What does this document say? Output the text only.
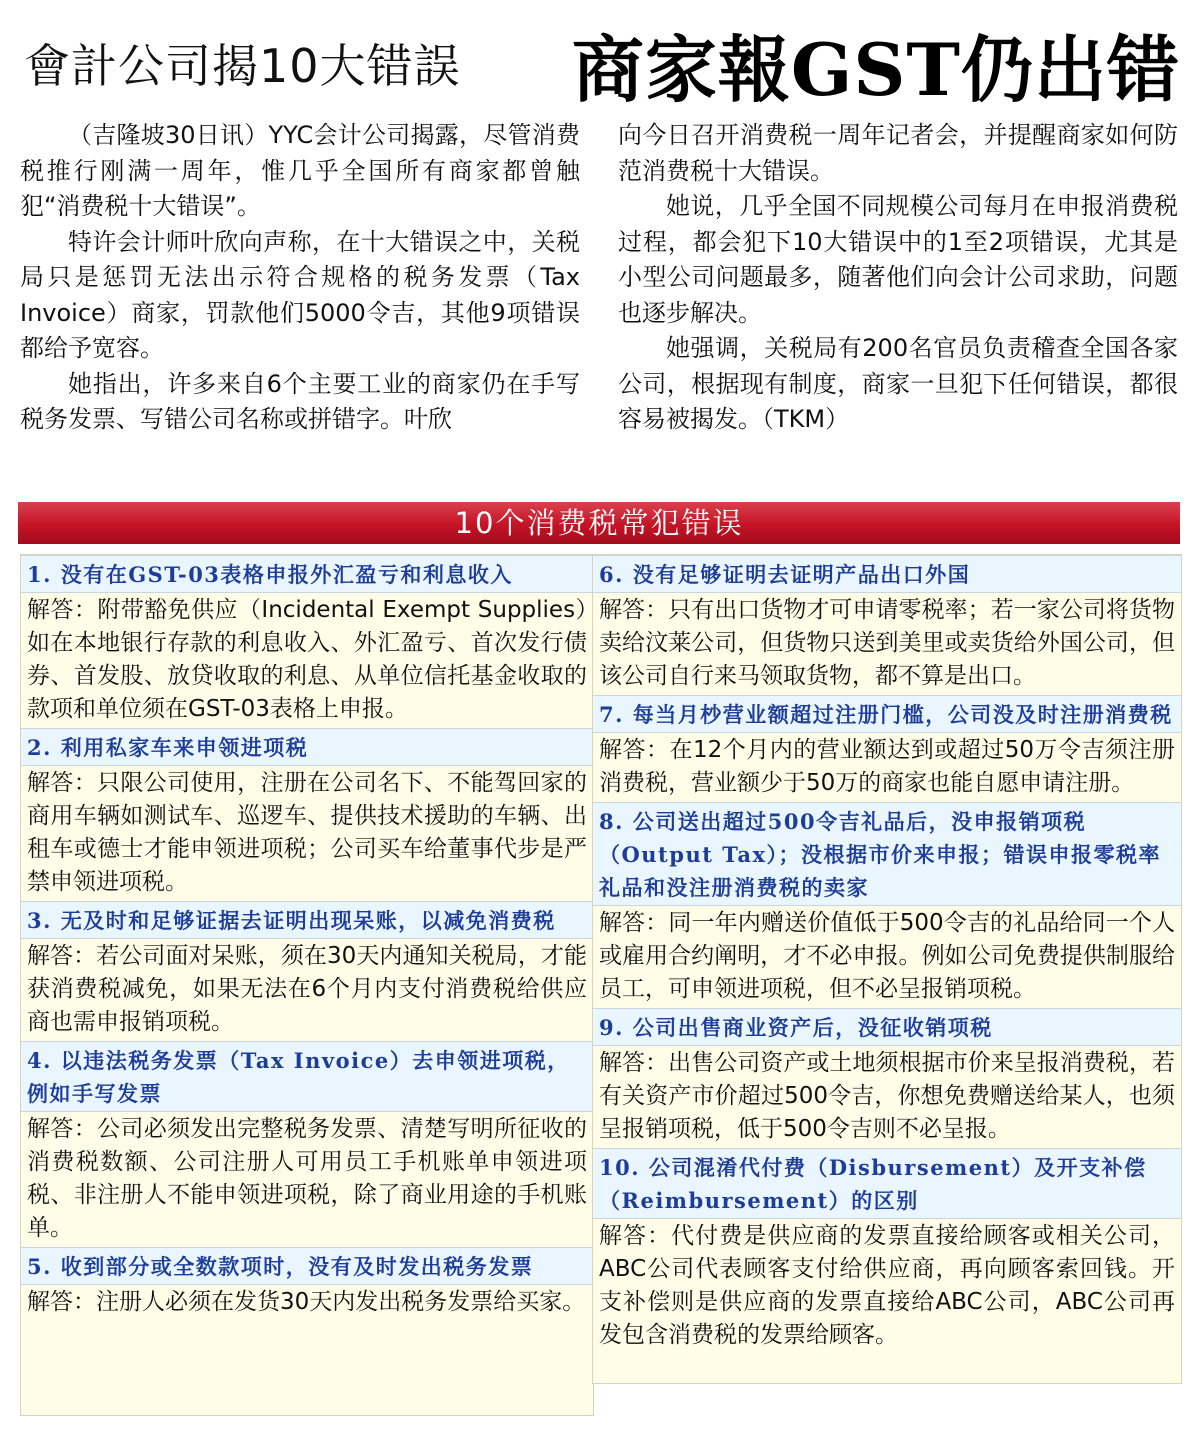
會計公司揭10大错誤 商家報GST仍出错

（吉隆坡30日讯）YYC会计公司揭露，尽管消费税推行刚满一周年，惟几乎全国所有商家都曾触犯“消费税十大错误”。

特许会计师叶欣向声称，在十大错误之中，关税局只是惩罚无法出示符合规格的税务发票（Tax Invoice）商家，罚款他们5000令吉，其他9项错误都给予宽容。

她指出，许多来自6个主要工业的商家仍在手写税务发票、写错公司名称或拼错字。叶欣

向今日召开消费税一周年记者会，并提醒商家如何防范消费税十大错误。

她说，几乎全国不同规模公司每月在申报消费税过程，都会犯下10大错误中的1至2项错误，尤其是小型公司问题最多，随著他们向会计公司求助，问题也逐步解决。

她强调，关税局有200名官员负责稽查全国各家公司，根据现有制度，商家一旦犯下任何错误，都很容易被揭发。（TKM）

10个消费税常犯错误

1. 没有在GST-03表格申报外汇盈亏和利息收入

解答：附带豁免供应（Incidental Exempt Supplies）如在本地银行存款的利息收入、外汇盈亏、首次发行债券、首发股、放贷收取的利息、从单位信托基金收取的款项和单位须在GST-03表格上申报。

2. 利用私家车来申领进项税

解答：只限公司使用，注册在公司名下、不能驾回家的商用车辆如测试车、巡逻车、提供技术援助的车辆、出租车或德士才能申领进项税；公司买车给董事代步是严禁申领进项税。

3. 无及时和足够证据去证明出现呆账，以减免消费税

解答：若公司面对呆账，须在30天内通知关税局，才能获消费税减免，如果无法在6个月内支付消费税给供应商也需申报销项税。

4. 以违法税务发票（Tax Invoice）去申领进项税，例如手写发票

解答：公司必须发出完整税务发票、清楚写明所征收的消费税数额、公司注册人可用员工手机账单申领进项税、非注册人不能申领进项税，除了商业用途的手机账单。

5. 收到部分或全数款项时，没有及时发出税务发票

解答：注册人必须在发货30天内发出税务发票给买家。

6. 没有足够证明去证明产品出口外国

解答：只有出口货物才可申请零税率；若一家公司将货物卖给汶莱公司，但货物只送到美里或卖货给外国公司，但该公司自行来马领取货物，都不算是出口。

7. 每当月杪营业额超过注册门槛，公司没及时注册消费税

解答：在12个月内的营业额达到或超过50万令吉须注册消费税，营业额少于50万的商家也能自愿申请注册。

8. 公司送出超过500令吉礼品后，没申报销项税（Output Tax）；没根据市价来申报；错误申报零税率礼品和没注册消费税的卖家

解答：同一年内赠送价值低于500令吉的礼品给同一个人或雇用合约阐明，才不必申报。例如公司免费提供制服给员工，可申领进项税，但不必呈报销项税。

9. 公司出售商业资产后，没征收销项税

解答：出售公司资产或土地须根据市价来呈报消费税，若有关资产市价超过500令吉，你想免费赠送给某人，也须呈报销项税，低于500令吉则不必呈报。

10. 公司混淆代付费（Disbursement）及开支补偿（Reimbursement）的区别

解答：代付费是供应商的发票直接给顾客或相关公司，ABC公司代表顾客支付给供应商，再向顾客索回钱。开支补偿则是供应商的发票直接给ABC公司，ABC公司再发包含消费税的发票给顾客。
